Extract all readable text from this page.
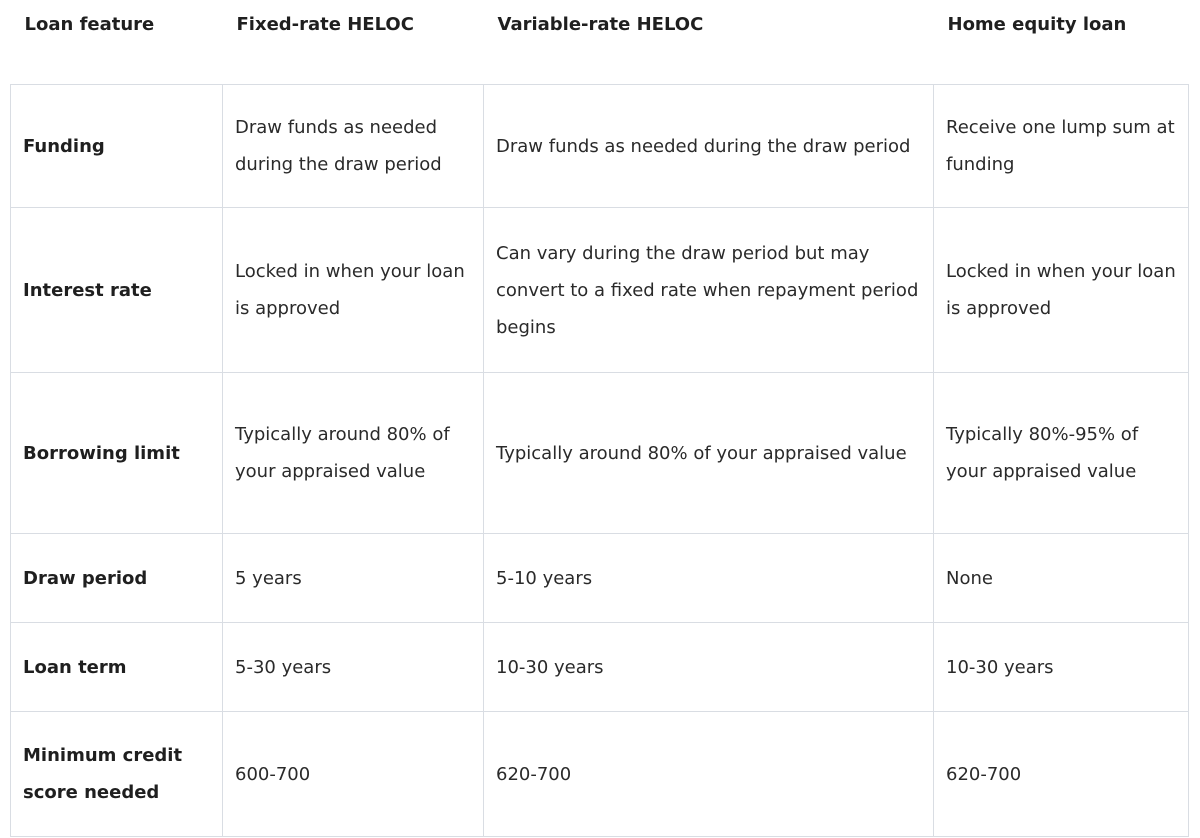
Loan feature	Fixed-rate HELOC	Variable-rate HELOC	Home equity loan
Funding	Draw funds as needed during the draw period	Draw funds as needed during the draw period	Receive one lump sum at funding
Interest rate	Locked in when your loan is approved	Can vary during the draw period but may convert to a fixed rate when repayment period begins	Locked in when your loan is approved
Borrowing limit	Typically around 80% of your appraised value	Typically around 80% of your appraised value	Typically 80%-95% of your appraised value
Draw period	5 years	5-10 years	None
Loan term	5-30 years	10-30 years	10-30 years
Minimum credit score needed	600-700	620-700	620-700
